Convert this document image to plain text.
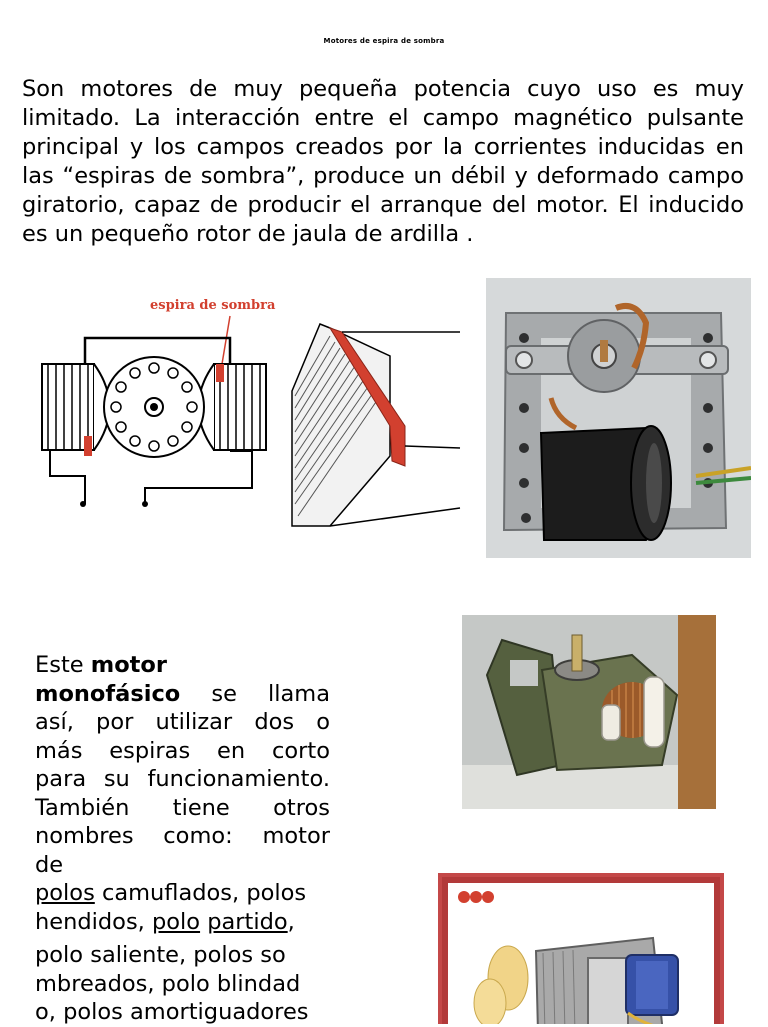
Motores de espira de sombra

Son motores de muy pequeña potencia cuyo uso es muy limitado. La interacción entre el campo magnético pulsante principal y los campos creados por la corrientes inducidas en las “espiras de sombra”, produce un débil y deformado campo giratorio, capaz de producir el arranque del motor. El inducido es un pequeño rotor de jaula de ardilla .

espira de sombra
Este motor
monofásico se llama
así, por utilizar dos o
más espiras en corto
para su funcionamiento.
También tiene otros
nombres como: motor
de
polos camuflados, polos
hendidos, polo partido,
polo saliente, polos so
mbreados, polo blindad
o, polos amortiguadores
